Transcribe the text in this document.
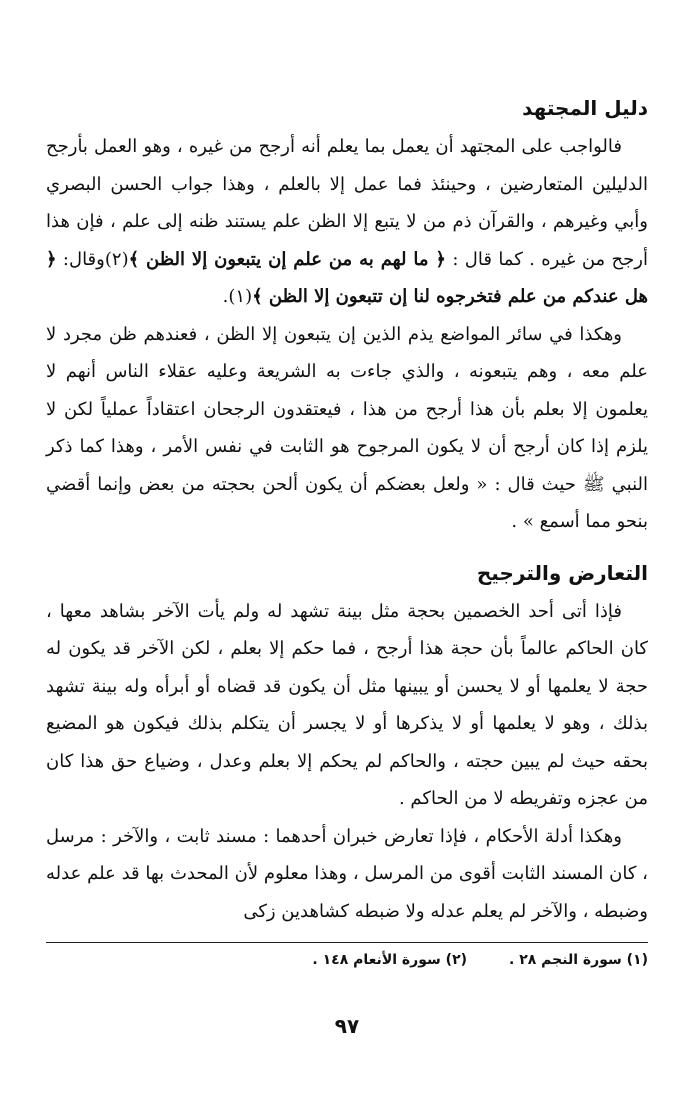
دليل المجتهد

فالواجب على المجتهد أن يعمل بما يعلم أنه أرجح من غيره ، وهو العمل بأرجح الدليلين المتعارضين ، وحينئذ فما عمل إلا بالعلم ، وهذا جواب الحسن البصري وأبي وغيرهم ، والقرآن ذم من لا يتبع إلا الظن علم يستند ظنه إلى علم ، فإن هذا أرجح من غيره . كما قال : ﴿ ما لهم به من علم إن يتبعون إلا الظن ﴾(٢)وقال: ﴿ هل عندكم من علم فتخرجوه لنا إن تتبعون إلا الظن ﴾(١).

وهكذا في سائر المواضع يذم الذين إن يتبعون إلا الظن ، فعندهم ظن مجرد لا علم معه ، وهم يتبعونه ، والذي جاءت به الشريعة وعليه عقلاء الناس أنهم لا يعلمون إلا بعلم بأن هذا أرجح من هذا ، فيعتقدون الرجحان اعتقاداً عملياً لكن لا يلزم إذا كان أرجح أن لا يكون المرجوح هو الثابت في نفس الأمر ، وهذا كما ذكر النبي ﷺ حيث قال : « ولعل بعضكم أن يكون ألحن بحجته من بعض وإنما أقضي بنحو مما أسمع » .

التعارض والترجيح

فإذا أتى أحد الخصمين بحجة مثل بينة تشهد له ولم يأت الآخر بشاهد معها ، كان الحاكم عالماً بأن حجة هذا أرجح ، فما حكم إلا بعلم ، لكن الآخر قد يكون له حجة لا يعلمها أو لا يحسن أو يبينها مثل أن يكون قد قضاه أو أبرأه وله بينة تشهد بذلك ، وهو لا يعلمها أو لا يذكرها أو لا يجسر أن يتكلم بذلك فيكون هو المضيع بحقه حيث لم يبين حجته ، والحاكم لم يحكم إلا بعلم وعدل ، وضياع حق هذا كان من عجزه وتفريطه لا من الحاكم .

وهكذا أدلة الأحكام ، فإذا تعارض خبران أحدهما : مسند ثابت ، والآخر : مرسل ، كان المسند الثابت أقوى من المرسل ، وهذا معلوم لأن المحدث بها قد علم عدله وضبطه ، والآخر لم يعلم عدله ولا ضبطه كشاهدين زكى

(١) سورة النجم ٢٨ .(٢) سورة الأنعام ١٤٨ .
٩٧
